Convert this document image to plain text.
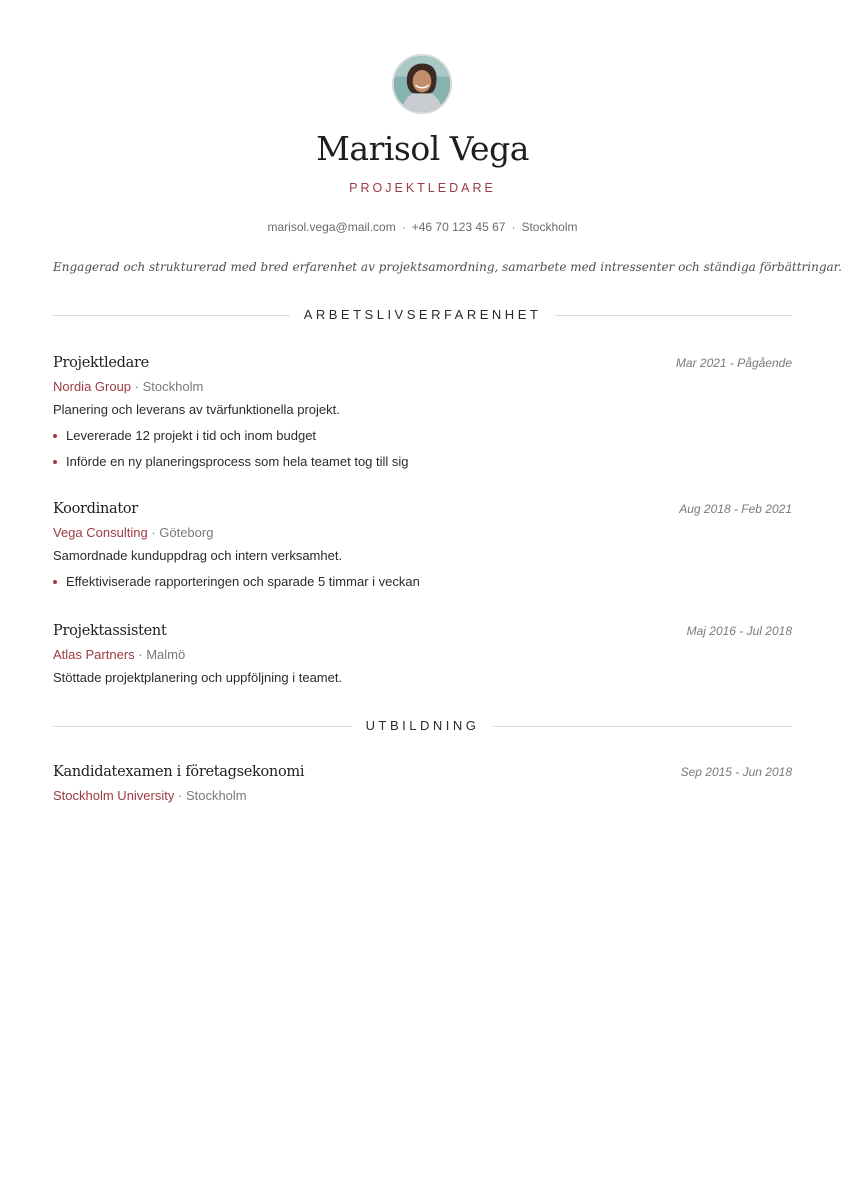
Marisol Vega
PROJEKTLEDARE
marisol.vega@mail.com · +46 70 123 45 67 · Stockholm
Engagerad och strukturerad med bred erfarenhet av projektsamordning, samarbete med intressenter och ständiga förbättringar.
ARBETSLIVSERFARENHET
Projektledare	Mar 2021 - Pågående
Nordia Group · Stockholm
Planering och leverans av tvärfunktionella projekt.
Levererade 12 projekt i tid och inom budget
Införde en ny planeringsprocess som hela teamet tog till sig
Koordinator	Aug 2018 - Feb 2021
Vega Consulting · Göteborg
Samordnade kunduppdrag och intern verksamhet.
Effektiviserade rapporteringen och sparade 5 timmar i veckan
Projektassistent	Maj 2016 - Jul 2018
Atlas Partners · Malmö
Stöttade projektplanering och uppföljning i teamet.
UTBILDNING
Kandidatexamen i företagsekonomi	Sep 2015 - Jun 2018
Stockholm University · Stockholm
